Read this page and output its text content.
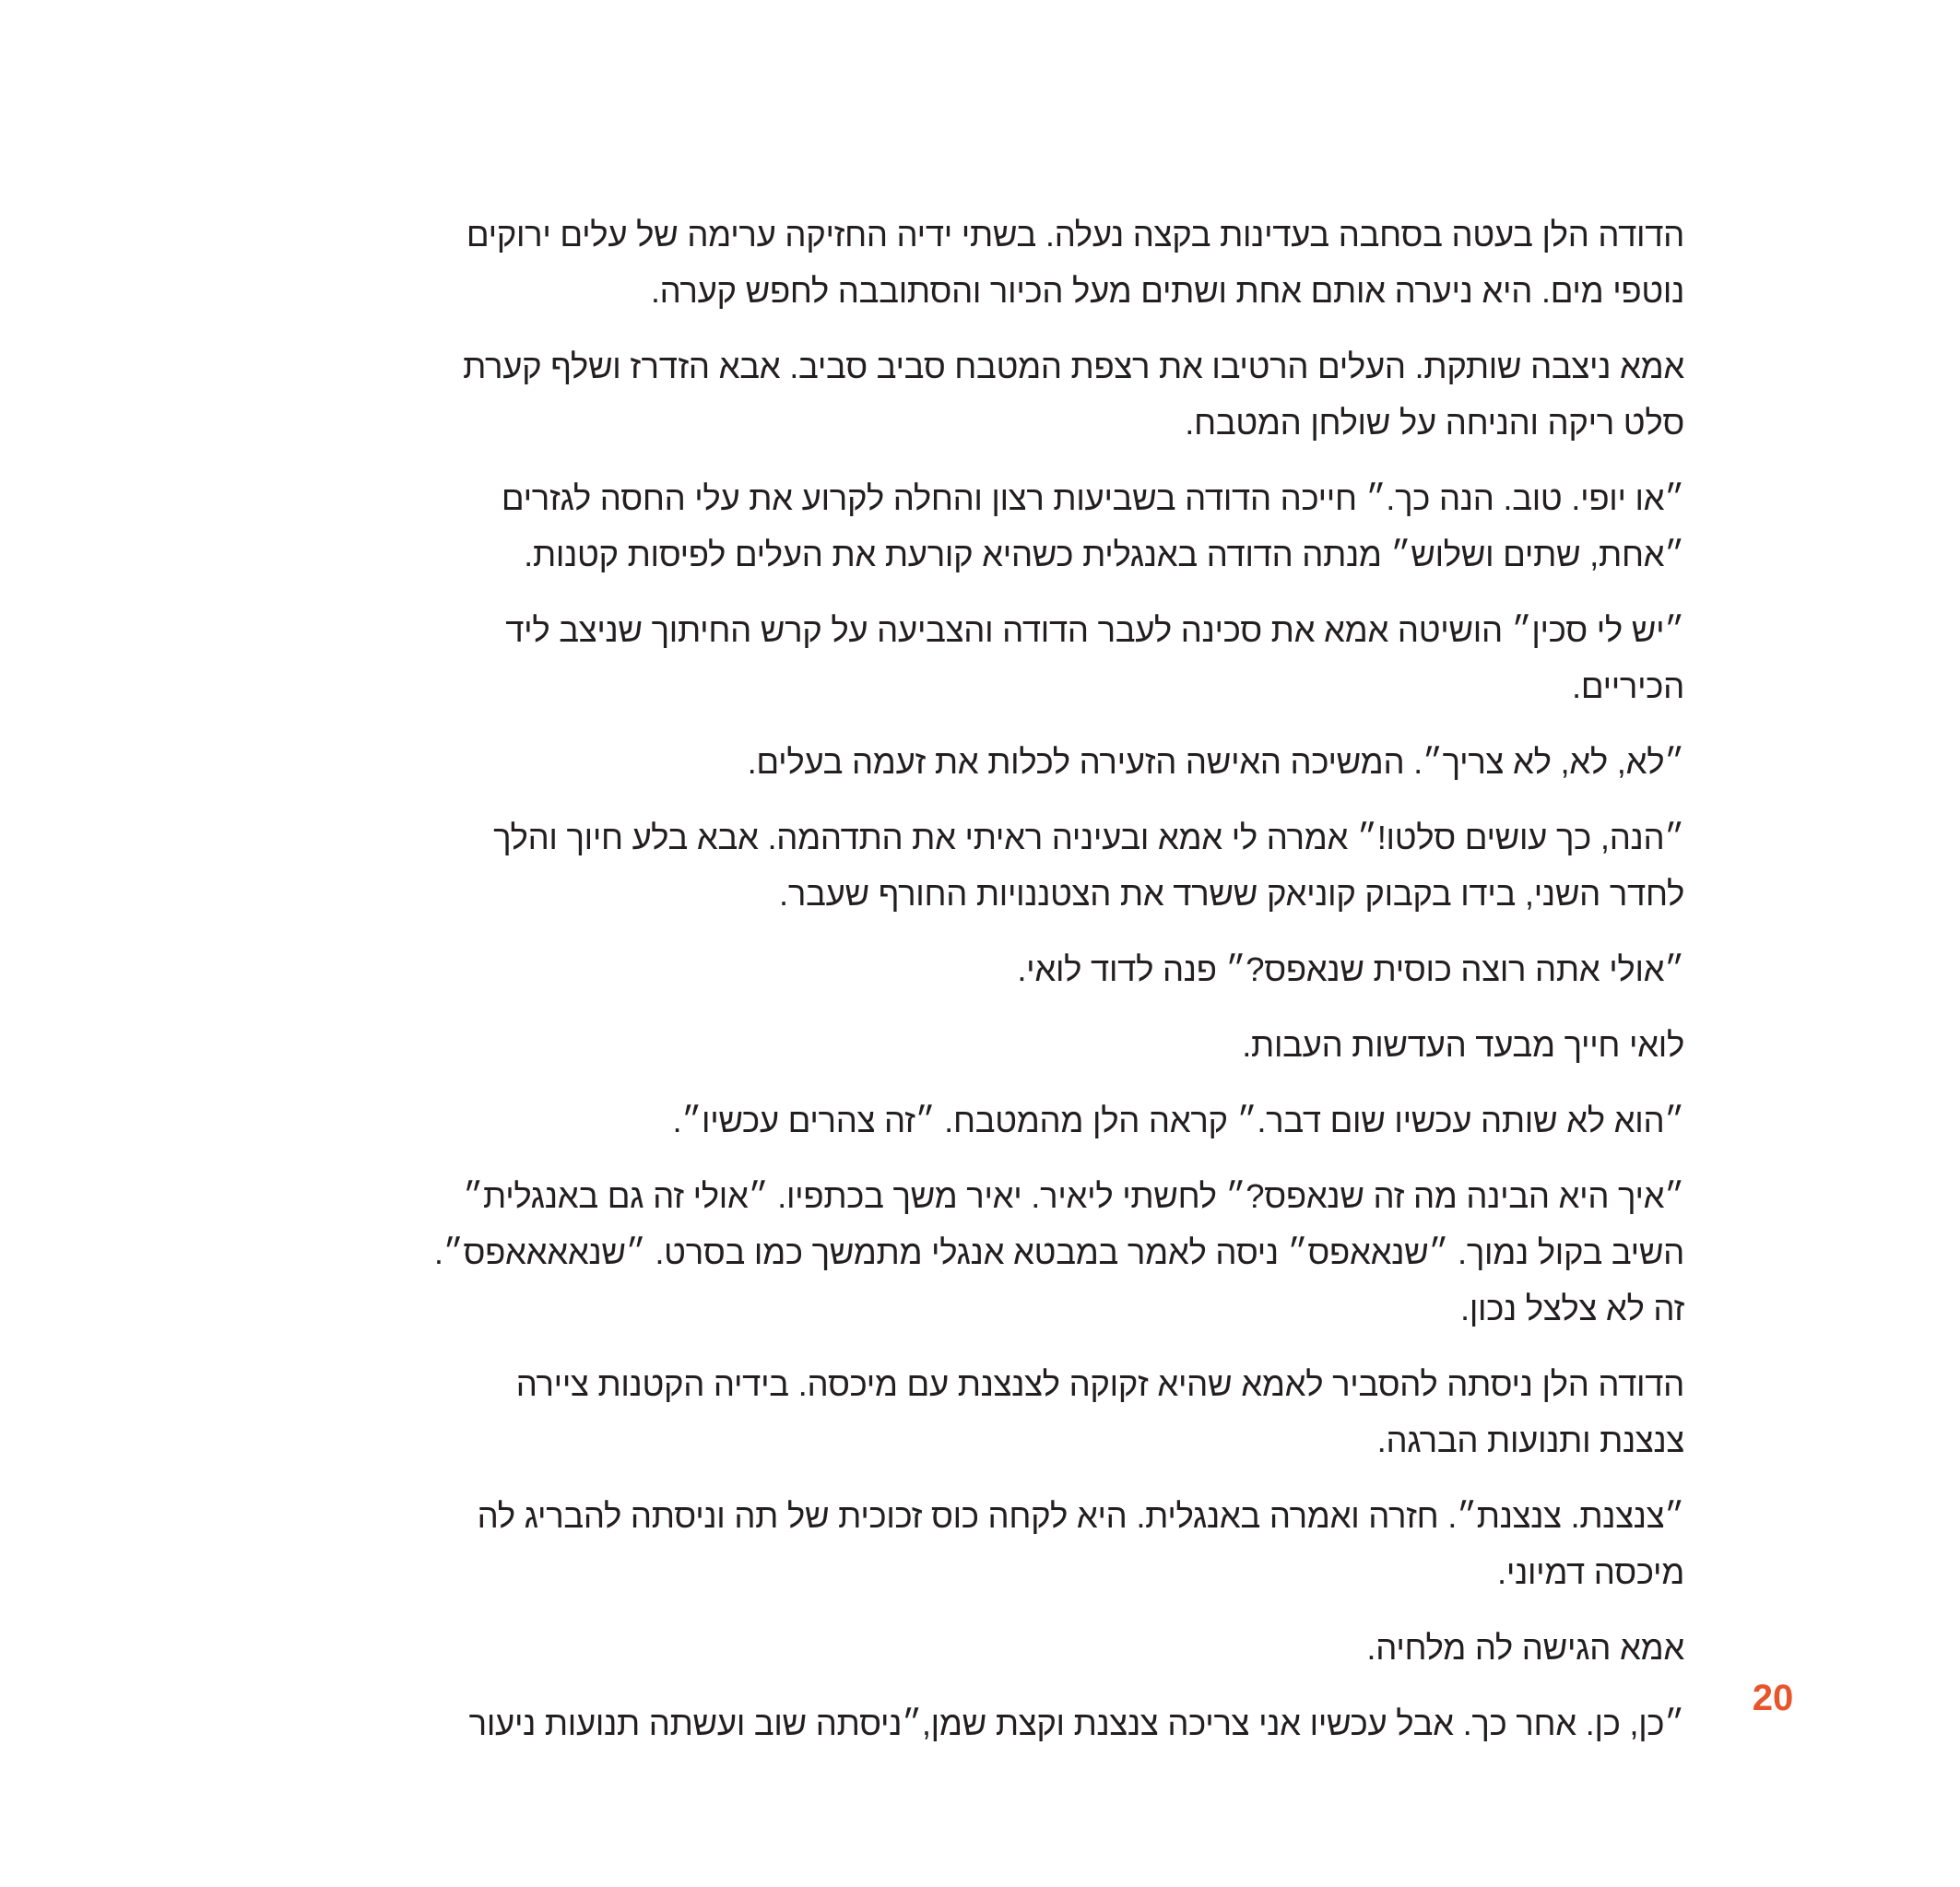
הדודה הלן בעטה בסחבה בעדינות בקצה נעלה. בשתי ידיה החזיקה ערימה של עלים ירוקים
נוטפי מים. היא ניערה אותם אחת ושתים מעל הכיור והסתובבה לחפש קערה.

אמא ניצבה שותקת. העלים הרטיבו את רצפת המטבח סביב סביב. אבא הזדרז ושלף קערת
סלט ריקה והניחה על שולחן המטבח.

״או יופי. טוב. הנה כך.״ חייכה הדודה בשביעות רצון והחלה לקרוע את עלי החסה לגזרים
״אחת, שתים ושלוש״ מנתה הדודה באנגלית כשהיא קורעת את העלים לפיסות קטנות.

״יש לי סכין״ הושיטה אמא את סכינה לעבר הדודה והצביעה על קרש החיתוך שניצב ליד
הכיריים.

״לא, לא, לא צריך״. המשיכה האישה הזעירה לכלות את זעמה בעלים.

״הנה, כך עושים סלטו!״ אמרה לי אמא ובעיניה ראיתי את התדהמה. אבא בלע חיוך והלך
לחדר השני, בידו בקבוק קוניאק ששרד את הצטננויות החורף שעבר.

״אולי אתה רוצה כוסית שנאפס?״ פנה לדוד לואי.

לואי חייך מבעד העדשות העבות.

״הוא לא שותה עכשיו שום דבר.״ קראה הלן מהמטבח. ״זה צהרים עכשיו״.

״איך היא הבינה מה זה שנאפס?״ לחשתי ליאיר. יאיר משך בכתפיו. ״אולי זה גם באנגלית״
השיב בקול נמוך. ״שנאאפס״ ניסה לאמר במבטא אנגלי מתמשך כמו בסרט. ״שנאאאאפס״.
זה לא צלצל נכון.

הדודה הלן ניסתה להסביר לאמא שהיא זקוקה לצנצנת עם מיכסה. בידיה הקטנות ציירה
צנצנת ותנועות הברגה.

״צנצנת. צנצנת״. חזרה ואמרה באנגלית. היא לקחה כוס זכוכית של תה וניסתה להבריג לה
מיכסה דמיוני.

אמא הגישה לה מלחיה.

״כן, כן. אחר כך. אבל עכשיו אני צריכה צנצנת וקצת שמן,״ניסתה שוב ועשתה תנועות ניעור

20
